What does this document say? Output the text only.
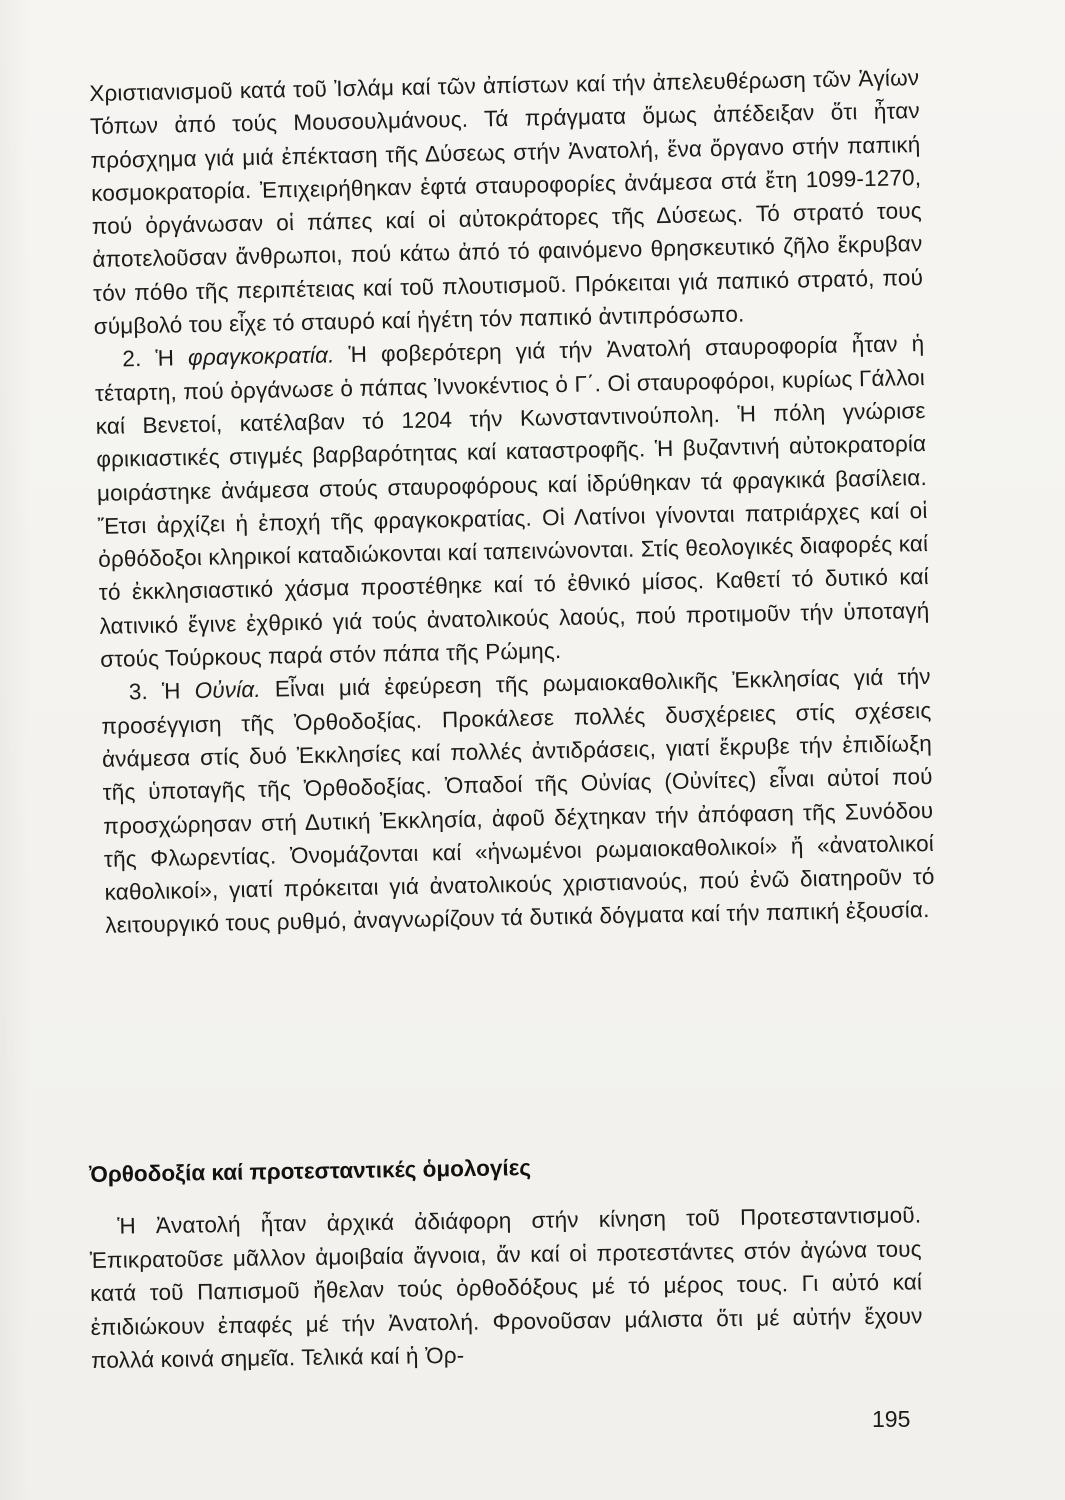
Χριστιανισμοῦ κατά τοῦ Ἰσλάμ καί τῶν ἀπίστων καί τήν ἀπελευθέρωση τῶν Ἁγίων Τόπων ἀπό τούς Μουσουλμάνους. Τά πράγματα ὅμως ἀπέδειξαν ὅτι ἦταν πρόσχημα γιά μιά ἐπέκταση τῆς Δύσεως στήν Ἀνατολή, ἕνα ὄργανο στήν παπική κοσμοκρατορία. Ἐπιχειρήθηκαν ἑφτά σταυροφορίες ἀνάμεσα στά ἔτη 1099-1270, πού ὀργάνωσαν οἱ πάπες καί οἱ αὐτοκράτορες τῆς Δύσεως. Τό στρατό τους ἀποτελοῦσαν ἄνθρωποι, πού κάτω ἀπό τό φαινόμενο θρησκευτικό ζῆλο ἔκρυβαν τόν πόθο τῆς περιπέτειας καί τοῦ πλουτισμοῦ. Πρόκειται γιά παπικό στρατό, πού σύμβολό του εἶχε τό σταυρό καί ἡγέτη τόν παπικό ἀντιπρόσωπο.

2. Ἡ φραγκοκρατία. Ἡ φοβερότερη γιά τήν Ἀνατολή σταυροφορία ἦταν ἡ τέταρτη, πού ὀργάνωσε ὁ πάπας Ἰννοκέντιος ὁ Γ΄. Οἱ σταυροφόροι, κυρίως Γάλλοι καί Βενετοί, κατέλαβαν τό 1204 τήν Κωνσταντινούπολη. Ἡ πόλη γνώρισε φρικιαστικές στιγμές βαρβαρότητας καί καταστροφῆς. Ἡ βυζαντινή αὐτοκρατορία μοιράστηκε ἀνάμεσα στούς σταυροφόρους καί ἱδρύθηκαν τά φραγκικά βασίλεια. Ἔτσι ἀρχίζει ἡ ἐποχή τῆς φραγκοκρατίας. Οἱ Λατίνοι γίνονται πατριάρχες καί οἱ ὀρθόδοξοι κληρικοί καταδιώκονται καί ταπεινώνονται. Στίς θεολογικές διαφορές καί τό ἐκκλησιαστικό χάσμα προστέθηκε καί τό ἐθνικό μίσος. Καθετί τό δυτικό καί λατινικό ἔγινε ἐχθρικό γιά τούς ἀνατολικούς λαούς, πού προτιμοῦν τήν ὑποταγή στούς Τούρκους παρά στόν πάπα τῆς Ρώμης.

3. Ἡ Οὐνία. Εἶναι μιά ἐφεύρεση τῆς ρωμαιοκαθολικῆς Ἐκκλησίας γιά τήν προσέγγιση τῆς Ὀρθοδοξίας. Προκάλεσε πολλές δυσχέρειες στίς σχέσεις ἀνάμεσα στίς δυό Ἐκκλησίες καί πολλές ἀντιδράσεις, γιατί ἔκρυβε τήν ἐπιδίωξη τῆς ὑποταγῆς τῆς Ὀρθοδοξίας. Ὀπαδοί τῆς Οὐνίας (Οὐνίτες) εἶναι αὐτοί πού προσχώρησαν στή Δυτική Ἐκκλησία, ἀφοῦ δέχτηκαν τήν ἀπόφαση τῆς Συνόδου τῆς Φλωρεντίας. Ὀνομάζονται καί «ἡνωμένοι ρωμαιοκαθολικοί» ἤ «ἀνατολικοί καθολικοί», γιατί πρόκειται γιά ἀνατολικούς χριστιανούς, πού ἐνῶ διατηροῦν τό λειτουργικό τους ρυθμό, ἀναγνωρίζουν τά δυτικά δόγματα καί τήν παπική ἐξουσία.

Ὀρθοδοξία καί προτεσταντικές ὁμολογίες

Ἡ Ἀνατολή ἦταν ἀρχικά ἀδιάφορη στήν κίνηση τοῦ Προτεσταντισμοῦ. Ἐπικρατοῦσε μᾶλλον ἀμοιβαία ἄγνοια, ἄν καί οἱ προτεστάντες στόν ἀγώνα τους κατά τοῦ Παπισμοῦ ἤθελαν τούς ὀρθοδόξους μέ τό μέρος τους. Γι αὐτό καί ἐπιδιώκουν ἐπαφές μέ τήν Ἀνατολή. Φρονοῦσαν μάλιστα ὅτι μέ αὐτήν ἔχουν πολλά κοινά σημεῖα. Τελικά καί ἡ Ὀρ-

195
